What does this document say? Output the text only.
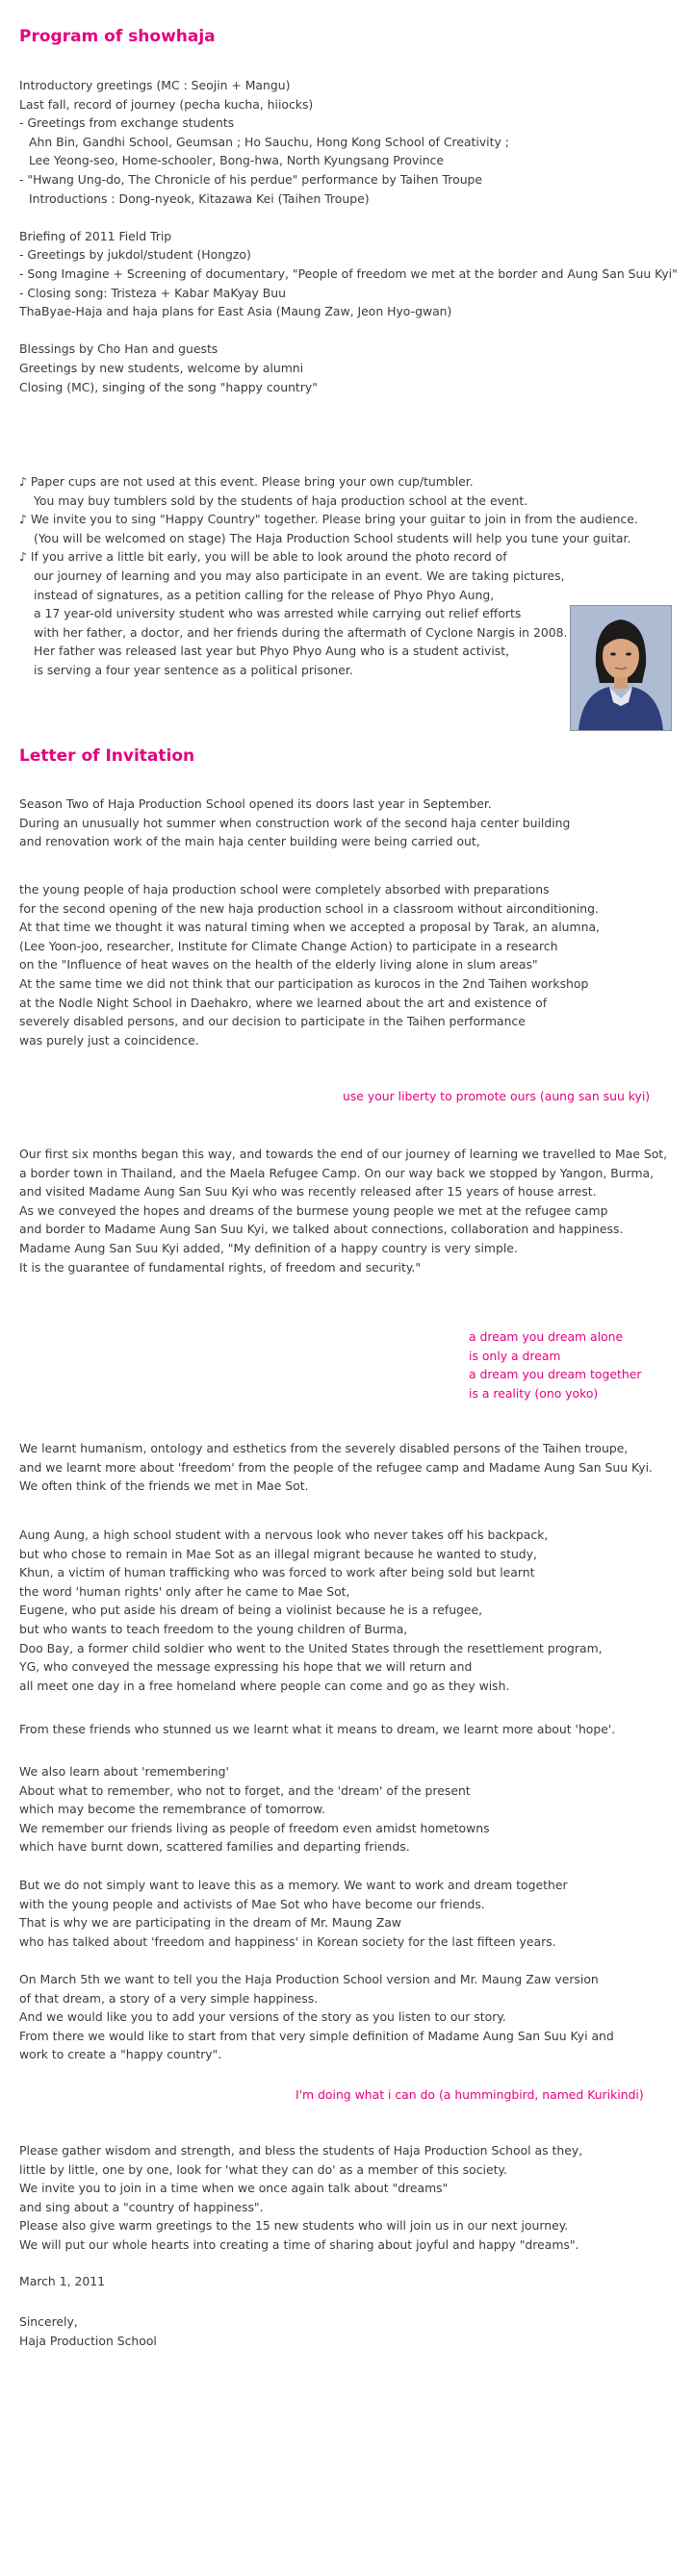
Program of showhaja
Introductory greetings (MC : Seojin + Mangu)
Last fall, record of journey (pecha kucha, hiiocks)
- Greetings from exchange students
Ahn Bin, Gandhi School, Geumsan ; Ho Sauchu, Hong Kong School of Creativity ;
Lee Yeong-seo, Home-schooler, Bong-hwa, North Kyungsang Province
- "Hwang Ung-do, The Chronicle of his perdue" performance by Taihen Troupe
Introductions : Dong-nyeok, Kitazawa Kei (Taihen Troupe)
Briefing of 2011 Field Trip
- Greetings by jukdol/student (Hongzo)
- Song Imagine + Screening of documentary, "People of freedom we met at the border and Aung San Suu Kyi"
- Closing song: Tristeza + Kabar MaKyay Buu
ThaByae-Haja and haja plans for East Asia (Maung Zaw, Jeon Hyo-gwan)
Blessings by Cho Han and guests
Greetings by new students, welcome by alumni
Closing (MC), singing of the song "happy country"
♪ Paper cups are not used at this event. Please bring your own cup/tumbler.
You may buy tumblers sold by the students of haja production school at the event.
♪ We invite you to sing "Happy Country" together. Please bring your guitar to join in from the audience.
(You will be welcomed on stage) The Haja Production School students will help you tune your guitar.
♪ If you arrive a little bit early, you will be able to look around the photo record of
our journey of learning and you may also participate in an event. We are taking pictures,
instead of signatures, as a petition calling for the release of Phyo Phyo Aung,
a 17 year-old university student who was arrested while carrying out relief efforts
with her father, a doctor, and her friends during the aftermath of Cyclone Nargis in 2008.
Her father was released last year but Phyo Phyo Aung who is a student activist,
is serving a four year sentence as a political prisoner.
Letter of Invitation
Season Two of Haja Production School opened its doors last year in September.
During an unusually hot summer when construction work of the second haja center building
and renovation work of the main haja center building were being carried out,
the young people of haja production school were completely absorbed with preparations
for the second opening of the new haja production school in a classroom without airconditioning.
At that time we thought it was natural timing when we accepted a proposal by Tarak, an alumna,
(Lee Yoon-joo, researcher, Institute for Climate Change Action) to participate in a research
on the "Influence of heat waves on the health of the elderly living alone in slum areas"
At the same time we did not think that our participation as kurocos in the 2nd Taihen workshop
at the Nodle Night School in Daehakro, where we learned about the art and existence of
severely disabled persons, and our decision to participate in the Taihen performance
was purely just a coincidence.
use your liberty to promote ours (aung san suu kyi)
Our first six months began this way, and towards the end of our journey of learning we travelled to Mae Sot,
a border town in Thailand, and the Maela Refugee Camp. On our way back we stopped by Yangon, Burma,
and visited Madame Aung San Suu Kyi who was recently released after 15 years of house arrest.
As we conveyed the hopes and dreams of the burmese young people we met at the refugee camp
and border to Madame Aung San Suu Kyi, we talked about connections, collaboration and happiness.
Madame Aung San Suu Kyi added, "My definition of a happy country is very simple.
It is the guarantee of fundamental rights, of freedom and security."
a dream you dream alone
is only a dream
a dream you dream together
is a reality (ono yoko)
We learnt humanism, ontology and esthetics from the severely disabled persons of the Taihen troupe,
and we learnt more about 'freedom' from the people of the refugee camp and Madame Aung San Suu Kyi.
We often think of the friends we met in Mae Sot.
Aung Aung, a high school student with a nervous look who never takes off his backpack,
but who chose to remain in Mae Sot as an illegal migrant because he wanted to study,
Khun, a victim of human trafficking who was forced to work after being sold but learnt
the word 'human rights' only after he came to Mae Sot,
Eugene, who put aside his dream of being a violinist because he is a refugee,
but who wants to teach freedom to the young children of Burma,
Doo Bay, a former child soldier who went to the United States through the resettlement program,
YG, who conveyed the message expressing his hope that we will return and
all meet one day in a free homeland where people can come and go as they wish.
From these friends who stunned us we learnt what it means to dream, we learnt more about 'hope'.
We also learn about 'remembering'
About what to remember, who not to forget, and the 'dream' of the present
which may become the remembrance of tomorrow.
We remember our friends living as people of freedom even amidst hometowns
which have burnt down, scattered families and departing friends.
But we do not simply want to leave this as a memory. We want to work and dream together
with the young people and activists of Mae Sot who have become our friends.
That is why we are participating in the dream of Mr. Maung Zaw
who has talked about 'freedom and happiness' in Korean society for the last fifteen years.
On March 5th we want to tell you the Haja Production School version and Mr. Maung Zaw version
of that dream, a story of a very simple happiness.
And we would like you to add your versions of the story as you listen to our story.
From there we would like to start from that very simple definition of Madame Aung San Suu Kyi and
work to create a "happy country".
I'm doing what i can do (a hummingbird, named Kurikindi)
Please gather wisdom and strength, and bless the students of Haja Production School as they,
little by little, one by one, look for 'what they can do' as a member of this society.
We invite you to join in a time when we once again talk about "dreams"
and sing about a "country of happiness".
Please also give warm greetings to the 15 new students who will join us in our next journey.
We will put our whole hearts into creating a time of sharing about joyful and happy "dreams".
March 1, 2011
Sincerely,
Haja Production School
